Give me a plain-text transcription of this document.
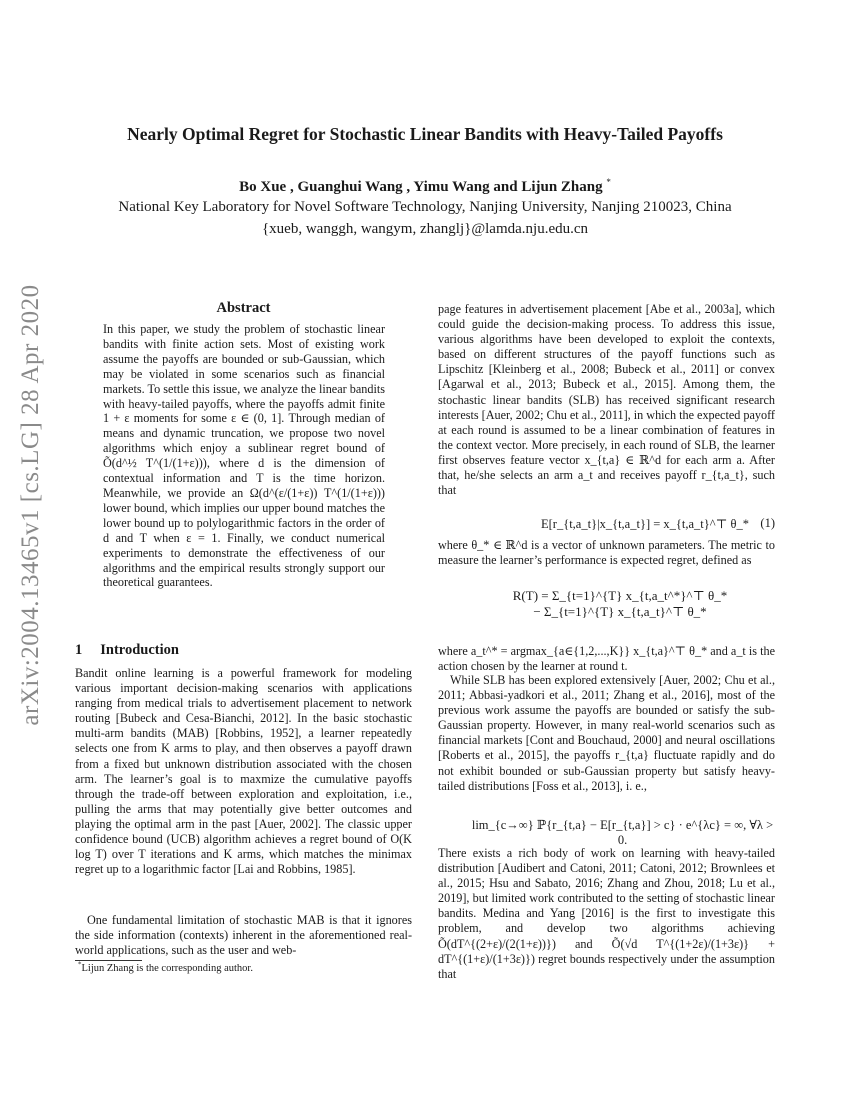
Nearly Optimal Regret for Stochastic Linear Bandits with Heavy-Tailed Payoffs
Bo Xue , Guanghui Wang , Yimu Wang and Lijun Zhang *
National Key Laboratory for Novel Software Technology, Nanjing University, Nanjing 210023, China
{xueb, wanggh, wangym, zhanglj}@lamda.nju.edu.cn
arXiv:2004.13465v1 [cs.LG] 28 Apr 2020	Abstract
In this paper, we study the problem of stochastic linear bandits with finite action sets. Most of existing work assume the payoffs are bounded or sub-Gaussian, which may be violated in some scenarios such as financial markets. To settle this issue, we analyze the linear bandits with heavy-tailed payoffs, where the payoffs admit finite 1 + ε moments for some ε ∈ (0, 1]. Through median of means and dynamic truncation, we propose two novel algorithms which enjoy a sublinear regret bound of Õ(d^½ T^(1/(1+ε))), where d is the dimension of contextual information and T is the time horizon. Meanwhile, we provide an Ω(d^(ε/(1+ε)) T^(1/(1+ε))) lower bound, which implies our upper bound matches the lower bound up to polylogarithmic factors in the order of d and T when ε = 1. Finally, we conduct numerical experiments to demonstrate the effectiveness of our algorithms and the empirical results strongly support our theoretical guarantees.
1 Introduction
Bandit online learning is a powerful framework for modeling various important decision-making scenarios with applications ranging from medical trials to advertisement placement to network routing [Bubeck and Cesa-Bianchi, 2012]. In the basic stochastic multi-arm bandits (MAB) [Robbins, 1952], a learner repeatedly selects one from K arms to play, and then observes a payoff drawn from a fixed but unknown distribution associated with the chosen arm. The learner’s goal is to maxmize the cumulative payoffs through the trade-off between exploration and exploitation, i.e., pulling the arms that may potentially give better outcomes and playing the optimal arm in the past [Auer, 2002]. The classic upper confidence bound (UCB) algorithm achieves a regret bound of O(K log T) over T iterations and K arms, which matches the minimax regret up to a logarithmic factor [Lai and Robbins, 1985].
One fundamental limitation of stochastic MAB is that it ignores the side information (contexts) inherent in the aforementioned real-world applications, such as the user and web-
*Lijun Zhang is the corresponding author.
page features in advertisement placement [Abe et al., 2003a], which could guide the decision-making process. To address this issue, various algorithms have been developed to exploit the contexts, based on different structures of the payoff functions such as Lipschitz [Kleinberg et al., 2008; Bubeck et al., 2011] or convex [Agarwal et al., 2013; Bubeck et al., 2015]. Among them, the stochastic linear bandits (SLB) has received significant research interests [Auer, 2002; Chu et al., 2011], in which the expected payoff at each round is assumed to be a linear combination of features in the context vector. More precisely, in each round of SLB, the learner first observes feature vector x_{t,a} ∈ ℝ^d for each arm a. After that, he/she selects an arm a_t and receives payoff r_{t,a_t}, such that
E[r_{t,a_t}|x_{t,a_t}] = x_{t,a_t}^⊤ θ_* (1)
where θ_* ∈ ℝ^d is a vector of unknown parameters. The metric to measure the learner’s performance is expected regret, defined as
R(T) = Σ_{t=1}^{T} x_{t,a_t^*}^⊤ θ_* − Σ_{t=1}^{T} x_{t,a_t}^⊤ θ_*
where a_t^* = argmax_{a∈{1,2,...,K}} x_{t,a}^⊤ θ_* and a_t is the action chosen by the learner at round t.
While SLB has been explored extensively [Auer, 2002; Chu et al., 2011; Abbasi-yadkori et al., 2011; Zhang et al., 2016], most of the previous work assume the payoffs are bounded or satisfy the sub-Gaussian property. However, in many real-world scenarios such as financial markets [Cont and Bouchaud, 2000] and neural oscillations [Roberts et al., 2015], the payoffs r_{t,a} fluctuate rapidly and do not exhibit bounded or sub-Gaussian property but satisfy heavy-tailed distributions [Foss et al., 2013], i. e.,
lim_{c→∞} ℙ{r_{t,a} − E[r_{t,a}] > c} · e^{λc} = ∞, ∀λ > 0.
There exists a rich body of work on learning with heavy-tailed distribution [Audibert and Catoni, 2011; Catoni, 2012; Brownlees et al., 2015; Hsu and Sabato, 2016; Zhang and Zhou, 2018; Lu et al., 2019], but limited work contributed to the setting of stochastic linear bandits. Medina and Yang [2016] is the first to investigate this problem, and develop two algorithms achieving Õ(dT^{(2+ε)/(2(1+ε))}) and Õ(√d T^{(1+2ε)/(1+3ε)} + dT^{(1+ε)/(1+3ε)}) regret bounds respectively under the assumption that
